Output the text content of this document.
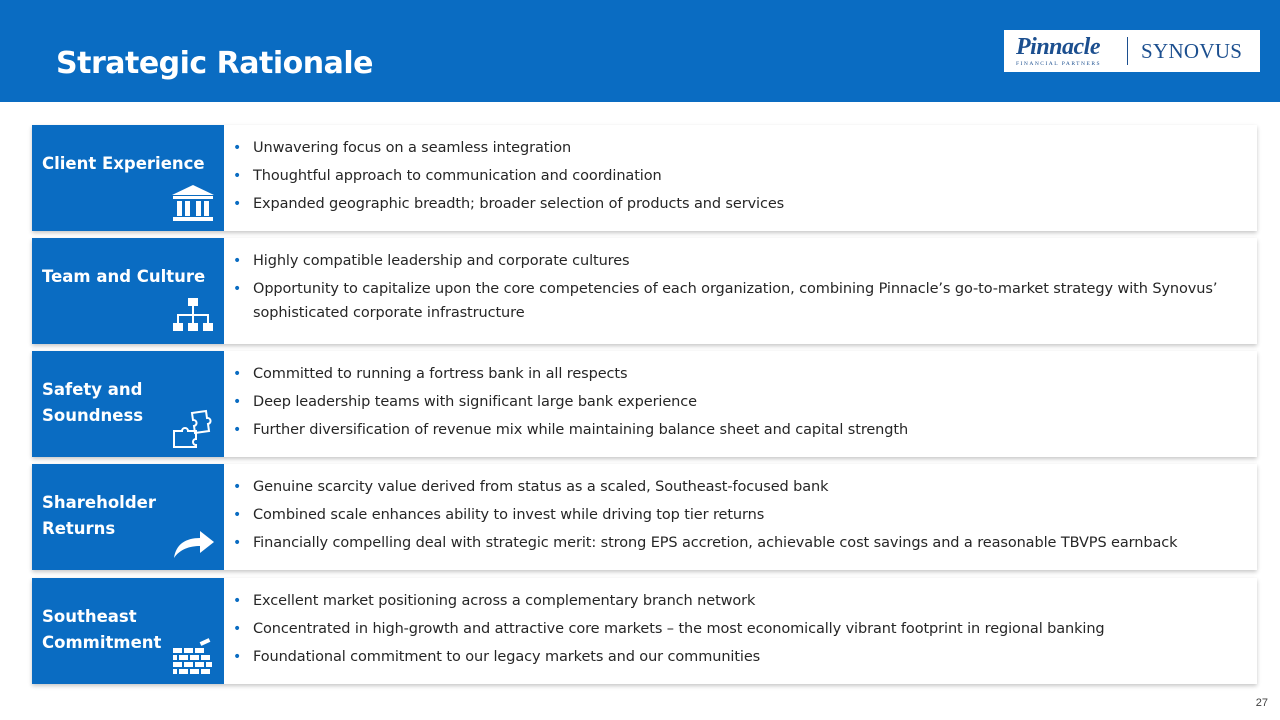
Strategic Rationale	Pinnacle
FINANCIAL PARTNERS
SYNOVUS
Client Experience
• Unwavering focus on a seamless integration
• Thoughtful approach to communication and coordination
• Expanded geographic breadth; broader selection of products and services
Team and Culture
• Highly compatible leadership and corporate cultures
• Opportunity to capitalize upon the core competencies of each organization, combining Pinnacle’s go-to-market strategy with Synovus’ sophisticated corporate infrastructure
Safety and Soundness
• Committed to running a fortress bank in all respects
• Deep leadership teams with significant large bank experience
• Further diversification of revenue mix while maintaining balance sheet and capital strength
Shareholder Returns
• Genuine scarcity value derived from status as a scaled, Southeast-focused bank
• Combined scale enhances ability to invest while driving top tier returns
• Financially compelling deal with strategic merit: strong EPS accretion, achievable cost savings and a reasonable TBVPS earnback
Southeast Commitment
• Excellent market positioning across a complementary branch network
• Concentrated in high-growth and attractive core markets – the most economically vibrant footprint in regional banking
• Foundational commitment to our legacy markets and our communities
27
